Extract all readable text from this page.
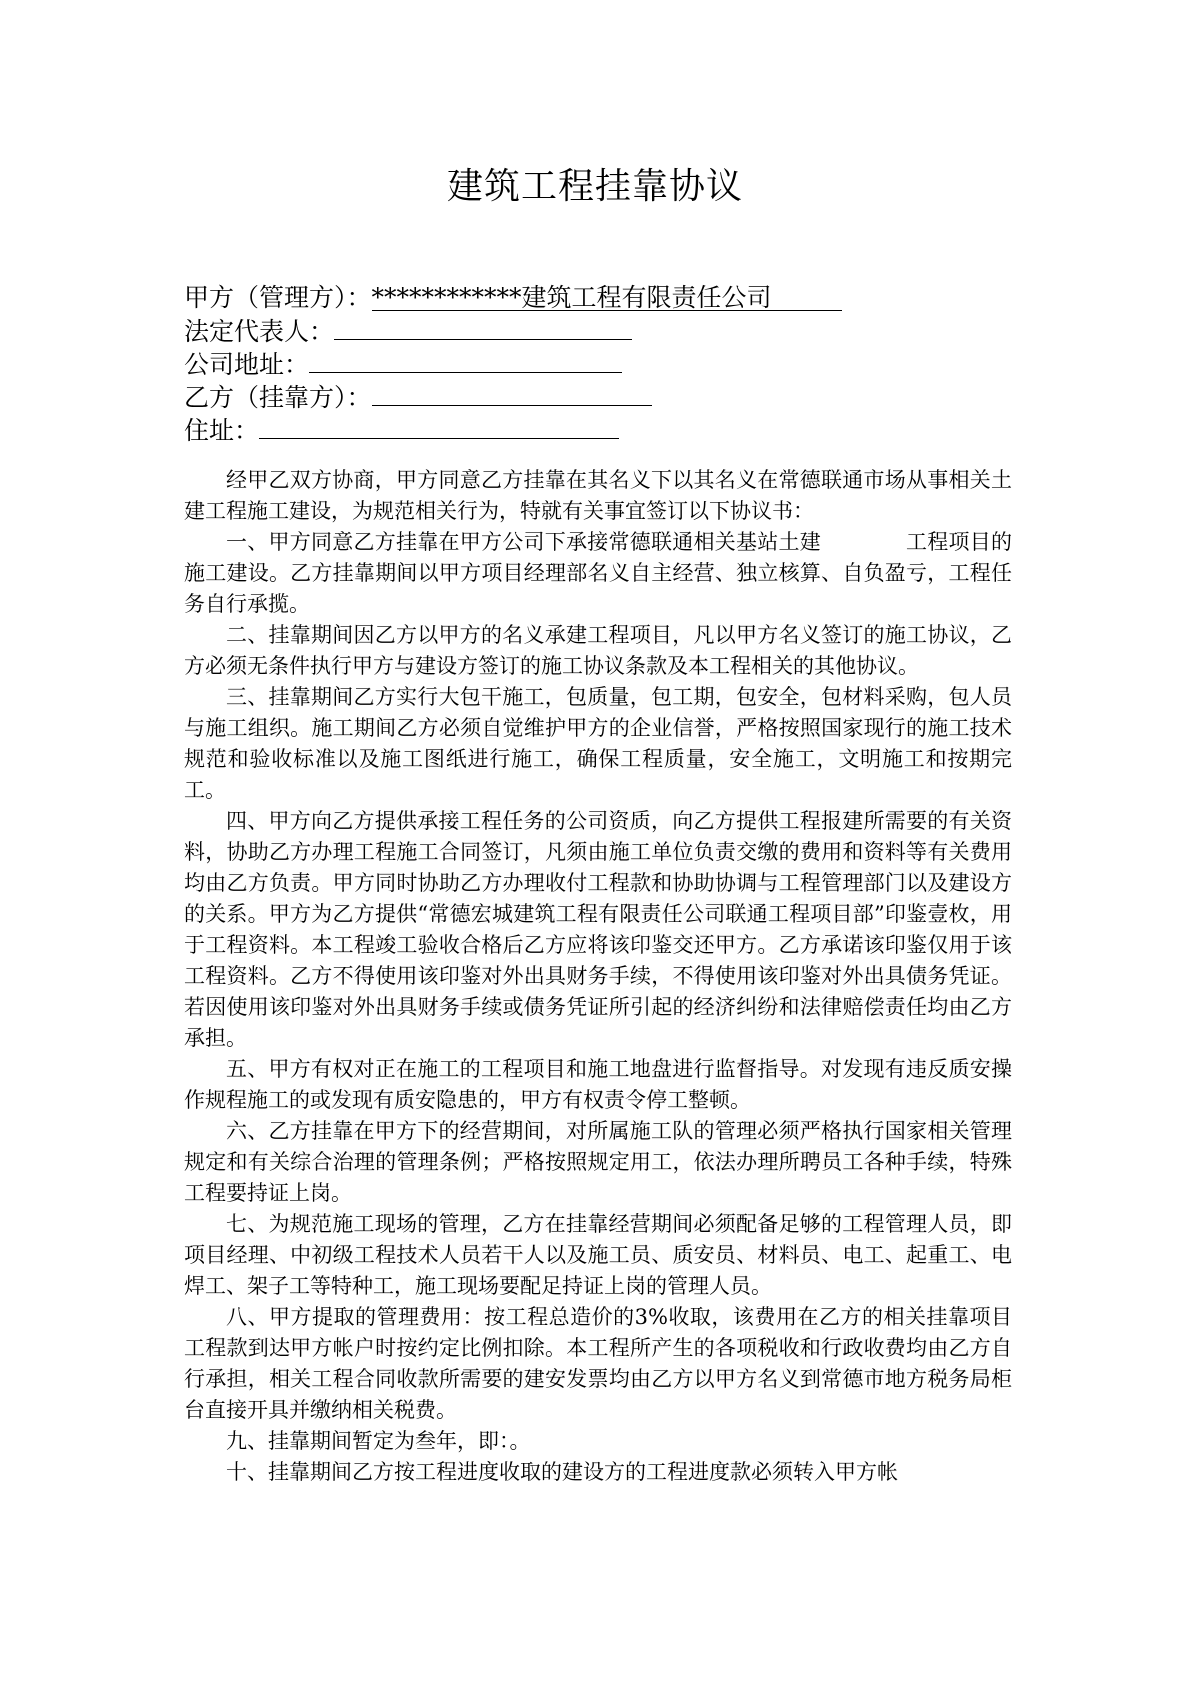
建筑工程挂靠协议
甲方（管理方）：************建筑工程有限责任公司
法定代表人：
公司地址：
乙方（挂靠方）：
住址：

经甲乙双方协商，甲方同意乙方挂靠在其名义下以其名义在常德联通市场从事相关土建工程施工建设，为规范相关行为，特就有关事宜签订以下协议书：

一、甲方同意乙方挂靠在甲方公司下承接常德联通相关基站土建　　　　工程项目的施工建设。乙方挂靠期间以甲方项目经理部名义自主经营、独立核算、自负盈亏，工程任务自行承揽。

二、挂靠期间因乙方以甲方的名义承建工程项目，凡以甲方名义签订的施工协议，乙方必须无条件执行甲方与建设方签订的施工协议条款及本工程相关的其他协议。

三、挂靠期间乙方实行大包干施工，包质量，包工期，包安全，包材料采购，包人员与施工组织。施工期间乙方必须自觉维护甲方的企业信誉，严格按照国家现行的施工技术规范和验收标准以及施工图纸进行施工，确保工程质量，安全施工，文明施工和按期完工。

四、甲方向乙方提供承接工程任务的公司资质，向乙方提供工程报建所需要的有关资料，协助乙方办理工程施工合同签订，凡须由施工单位负责交缴的费用和资料等有关费用均由乙方负责。甲方同时协助乙方办理收付工程款和协助协调与工程管理部门以及建设方的关系。甲方为乙方提供“常德宏城建筑工程有限责任公司联通工程项目部”印鉴壹枚，用于工程资料。本工程竣工验收合格后乙方应将该印鉴交还甲方。乙方承诺该印鉴仅用于该工程资料。乙方不得使用该印鉴对外出具财务手续，不得使用该印鉴对外出具债务凭证。若因使用该印鉴对外出具财务手续或债务凭证所引起的经济纠纷和法律赔偿责任均由乙方承担。

五、甲方有权对正在施工的工程项目和施工地盘进行监督指导。对发现有违反质安操作规程施工的或发现有质安隐患的，甲方有权责令停工整顿。

六、乙方挂靠在甲方下的经营期间，对所属施工队的管理必须严格执行国家相关管理规定和有关综合治理的管理条例；严格按照规定用工，依法办理所聘员工各种手续，特殊工程要持证上岗。

七、为规范施工现场的管理，乙方在挂靠经营期间必须配备足够的工程管理人员，即项目经理、中初级工程技术人员若干人以及施工员、质安员、材料员、电工、起重工、电焊工、架子工等特种工，施工现场要配足持证上岗的管理人员。

八、甲方提取的管理费用：按工程总造价的3%收取，该费用在乙方的相关挂靠项目工程款到达甲方帐户时按约定比例扣除。本工程所产生的各项税收和行政收费均由乙方自行承担，相关工程合同收款所需要的建安发票均由乙方以甲方名义到常德市地方税务局柜台直接开具并缴纳相关税费。

九、挂靠期间暂定为叁年，即：。

十、挂靠期间乙方按工程进度收取的建设方的工程进度款必须转入甲方帐
